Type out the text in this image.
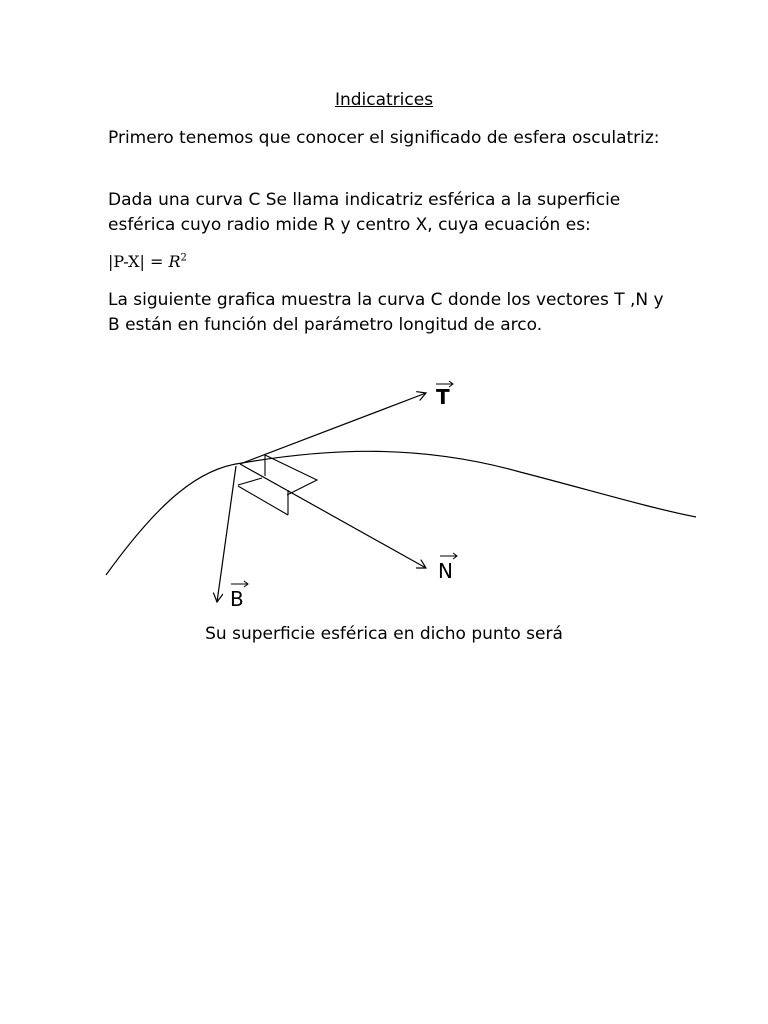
Indicatrices
Primero tenemos que conocer el significado de esfera osculatriz:
Dada una curva C Se llama indicatriz esférica a la superficie esférica cuyo radio mide R y centro X, cuya ecuación es:
$|P-X| = R^2$
La siguiente grafica muestra la curva C donde los vectores T ,N y B están en función del parámetro longitud de arco.
T
N
B
Su superficie esférica en dicho punto será
